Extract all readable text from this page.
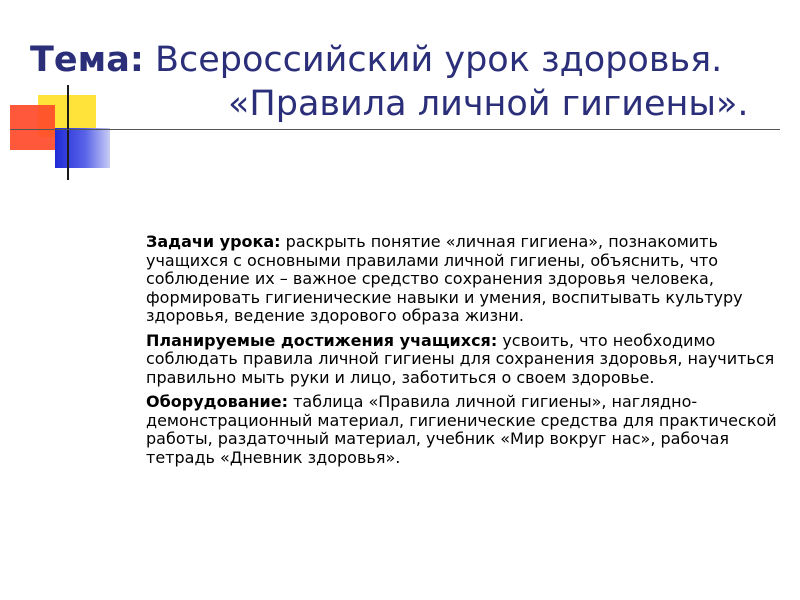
Тема: Всероссийский урок здоровья.
«Правила личной гигиены».

Задачи урока: раскрыть понятие «личная гигиена», познакомить учащихся с основными правилами личной гигиены, объяснить, что соблюдение их – важное средство сохранения здоровья человека, формировать гигиенические навыки и умения, воспитывать культуру здоровья, ведение здорового образа жизни.

Планируемые достижения учащихся: усвоить, что необходимо соблюдать правила личной гигиены для сохранения здоровья, научиться правильно мыть руки и лицо, заботиться о своем здоровье.

Оборудование: таблица «Правила личной гигиены», наглядно-демонстрационный материал, гигиенические средства для практической работы, раздаточный материал, учебник «Мир вокруг нас», рабочая тетрадь «Дневник здоровья».
